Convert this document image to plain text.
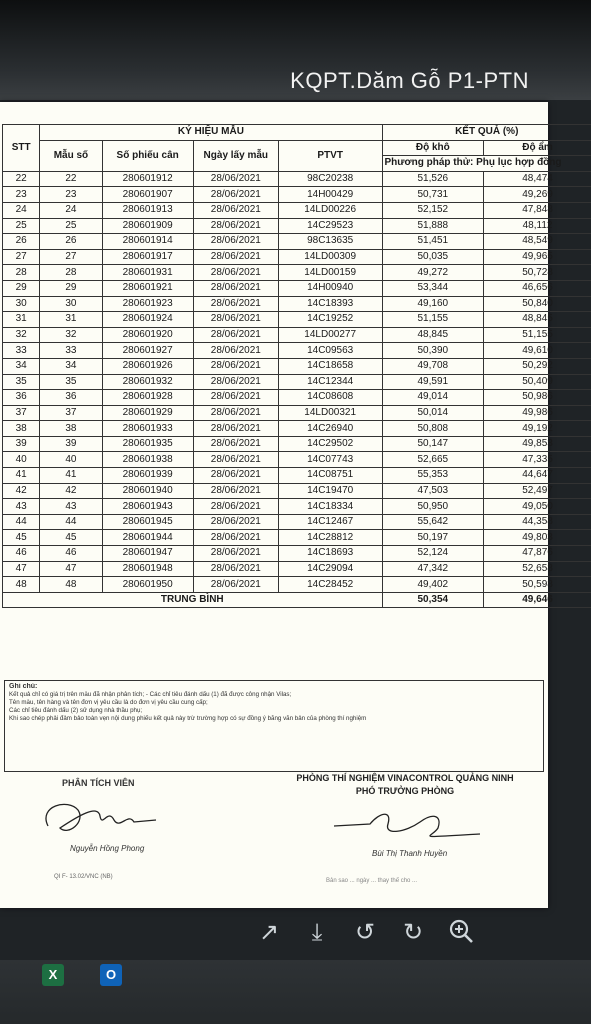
KQPT.Dăm Gỗ P1-PTN
STT	KÝ HIỆU MẪU				KẾT QUẢ (%)	
	Mẫu số	Số phiếu cân	Ngày lấy mẫu	PTVT	Độ khô	Độ ẩm
					Phương pháp thử: Phụ lục hợp đồng	
22	22	280601912	28/06/2021	98C20238	51,526	48,474
23	23	280601907	28/06/2021	14H00429	50,731	49,269
24	24	280601913	28/06/2021	14LD00226	52,152	47,848
25	25	280601909	28/06/2021	14C29523	51,888	48,112
26	26	280601914	28/06/2021	98C13635	51,451	48,549
27	27	280601917	28/06/2021	14LD00309	50,035	49,965
28	28	280601931	28/06/2021	14LD00159	49,272	50,728
29	29	280601921	28/06/2021	14H00940	53,344	46,656
30	30	280601923	28/06/2021	14C18393	49,160	50,840
31	31	280601924	28/06/2021	14C19252	51,155	48,845
32	32	280601920	28/06/2021	14LD00277	48,845	51,155
33	33	280601927	28/06/2021	14C09563	50,390	49,610
34	34	280601926	28/06/2021	14C18658	49,708	50,292
35	35	280601932	28/06/2021	14C12344	49,591	50,409
36	36	280601928	28/06/2021	14C08608	49,014	50,986
37	37	280601929	28/06/2021	14LD00321	50,014	49,986
38	38	280601933	28/06/2021	14C26940	50,808	49,192
39	39	280601935	28/06/2021	14C29502	50,147	49,853
40	40	280601938	28/06/2021	14C07743	52,665	47,335
41	41	280601939	28/06/2021	14C08751	55,353	44,647
42	42	280601940	28/06/2021	14C19470	47,503	52,497
43	43	280601943	28/06/2021	14C18334	50,950	49,050
44	44	280601945	28/06/2021	14C12467	55,642	44,358
45	45	280601944	28/06/2021	14C28812	50,197	49,803
46	46	280601947	28/06/2021	14C18693	52,124	47,876
47	47	280601948	28/06/2021	14C29094	47,342	52,658
48	48	280601950	28/06/2021	14C28452	49,402	50,598
TRUNG BÌNH					50,354	49,646
Ghi chú:
Kết quả chỉ có giá trị trên mẫu đã nhận phân tích; - Các chỉ tiêu đánh dấu (1) đã được công nhận Vilas;
Tên mẫu, tên hàng và tên đơn vị yêu cầu là do đơn vị yêu cầu cung cấp;
Các chỉ tiêu đánh dấu (2) sử dụng nhà thầu phụ;
Khi sao chép phải đảm bảo toàn vẹn nội dung phiếu kết quả này trừ trường hợp có sự đồng ý bằng văn bản của phòng thí nghiệm
PHÒNG THÍ NGHIỆM VINACONTROL QUẢNG NINH
PHÓ TRƯỞNG PHÒNG
PHÂN TÍCH VIÊN
Nguyễn Hồng Phong
Bùi Thị Thanh Huyền
QI F- 13.02/VNC (NB)
Bản sao ... ngày ... thay thế cho ...
↗	⤓	↺ ↻
X	O
